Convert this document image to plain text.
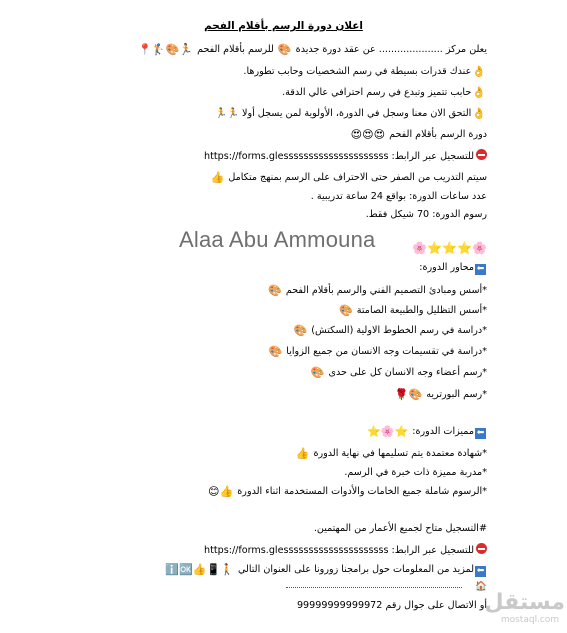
اعلان دورة الرسم بأقلام الفحم
يعلن مركز ..................... عن عقد دورة جديدة 🎨 للرسم بأقلام الفحم 🏃🎨🏌️📍
👌عندك قدرات بسيطة في رسم الشخصيات وحابب تطورها.
👌حابب تتميز وتبدع في رسم احترافي عالي الدقة.
👌التحق الان معنا وسجل في الدورة، الأولوية لمن يسجل أولا 🏃🏃
دورة الرسم بأقلام الفحم 😍😍😍
للتسجيل عبر الرابط: https://forms.glesssssssssssssssssssss
سيتم التدريب من الصفر حتى الاحتراف على الرسم بمنهج متكامل 👍
عدد ساعات الدورة: بواقع 24 ساعة تدريبية .
رسوم الدورة: 70 شيكل فقط.
Alaa Abu Ammouna	🌸⭐⭐⭐🌸
⬅محاور الدورة:
*أسس ومبادئ التصميم الفني والرسم بأقلام الفحم 🎨
*أسس التظليل والطبيعة الصامتة 🎨
*دراسة في رسم الخطوط الاولية (السكتش) 🎨
*دراسة في تقسيمات وجه الانسان من جميع الزوايا 🎨
*رسم أعضاء وجه الانسان كل على حدى 🎨
*رسم البورتريه 🎨🌹
⬅مميزات الدورة: ⭐🌸⭐
*شهادة معتمدة يتم تسليمها في نهاية الدورة 👍
*مدربة مميزة ذات خبرة في الرسم.
*الرسوم شاملة جميع الخامات والأدوات المستخدمة اثناء الدورة 👍😊
#التسجيل متاح لجميع الأعمار من المهتمين.
للتسجيل عبر الرابط: https://forms.glesssssssssssssssssssss
⬅لمزيد من المعلومات حول برامجنا زورونا على العنوان التالي 🚶📱👍ℹ️🆗
🏠
أو الاتصال على جوال رقم 99999999999972
مستقل
mostaql.com
